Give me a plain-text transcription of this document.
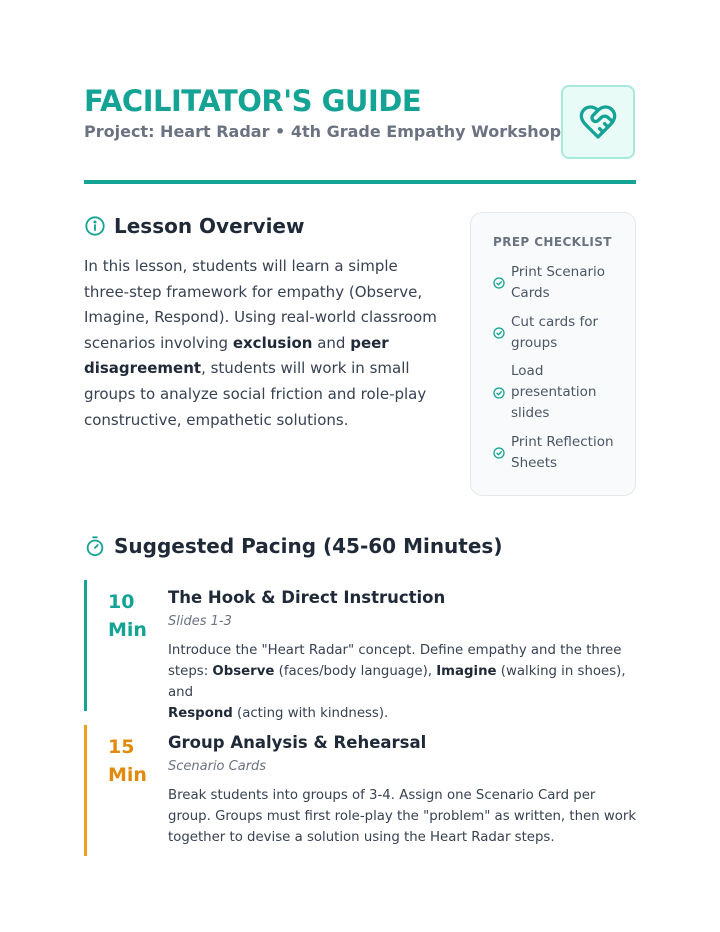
FACILITATOR'S GUIDE
Project: Heart Radar • 4th Grade Empathy Workshop
Lesson Overview

In this lesson, students will learn a simple three-step framework for empathy (Observe, Imagine, Respond). Using real-world classroom scenarios involving exclusion and peer disagreement, students will work in small groups to analyze social friction and role-play constructive, empathetic solutions.

PREP CHECKLIST
Print Scenario Cards
Cut cards for groups
Load presentation slides
Print Reflection Sheets
Suggested Pacing (45-60 Minutes)
10
Min
The Hook & Direct Instruction
Slides 1-3

Introduce the "Heart Radar" concept. Define empathy and the three steps: Observe (faces/body language), Imagine (walking in shoes), and
Respond (acting with kindness).

15
Min
Group Analysis & Rehearsal
Scenario Cards

Break students into groups of 3-4. Assign one Scenario Card per group. Groups must first role-play the "problem" as written, then work together to devise a solution using the Heart Radar steps.
